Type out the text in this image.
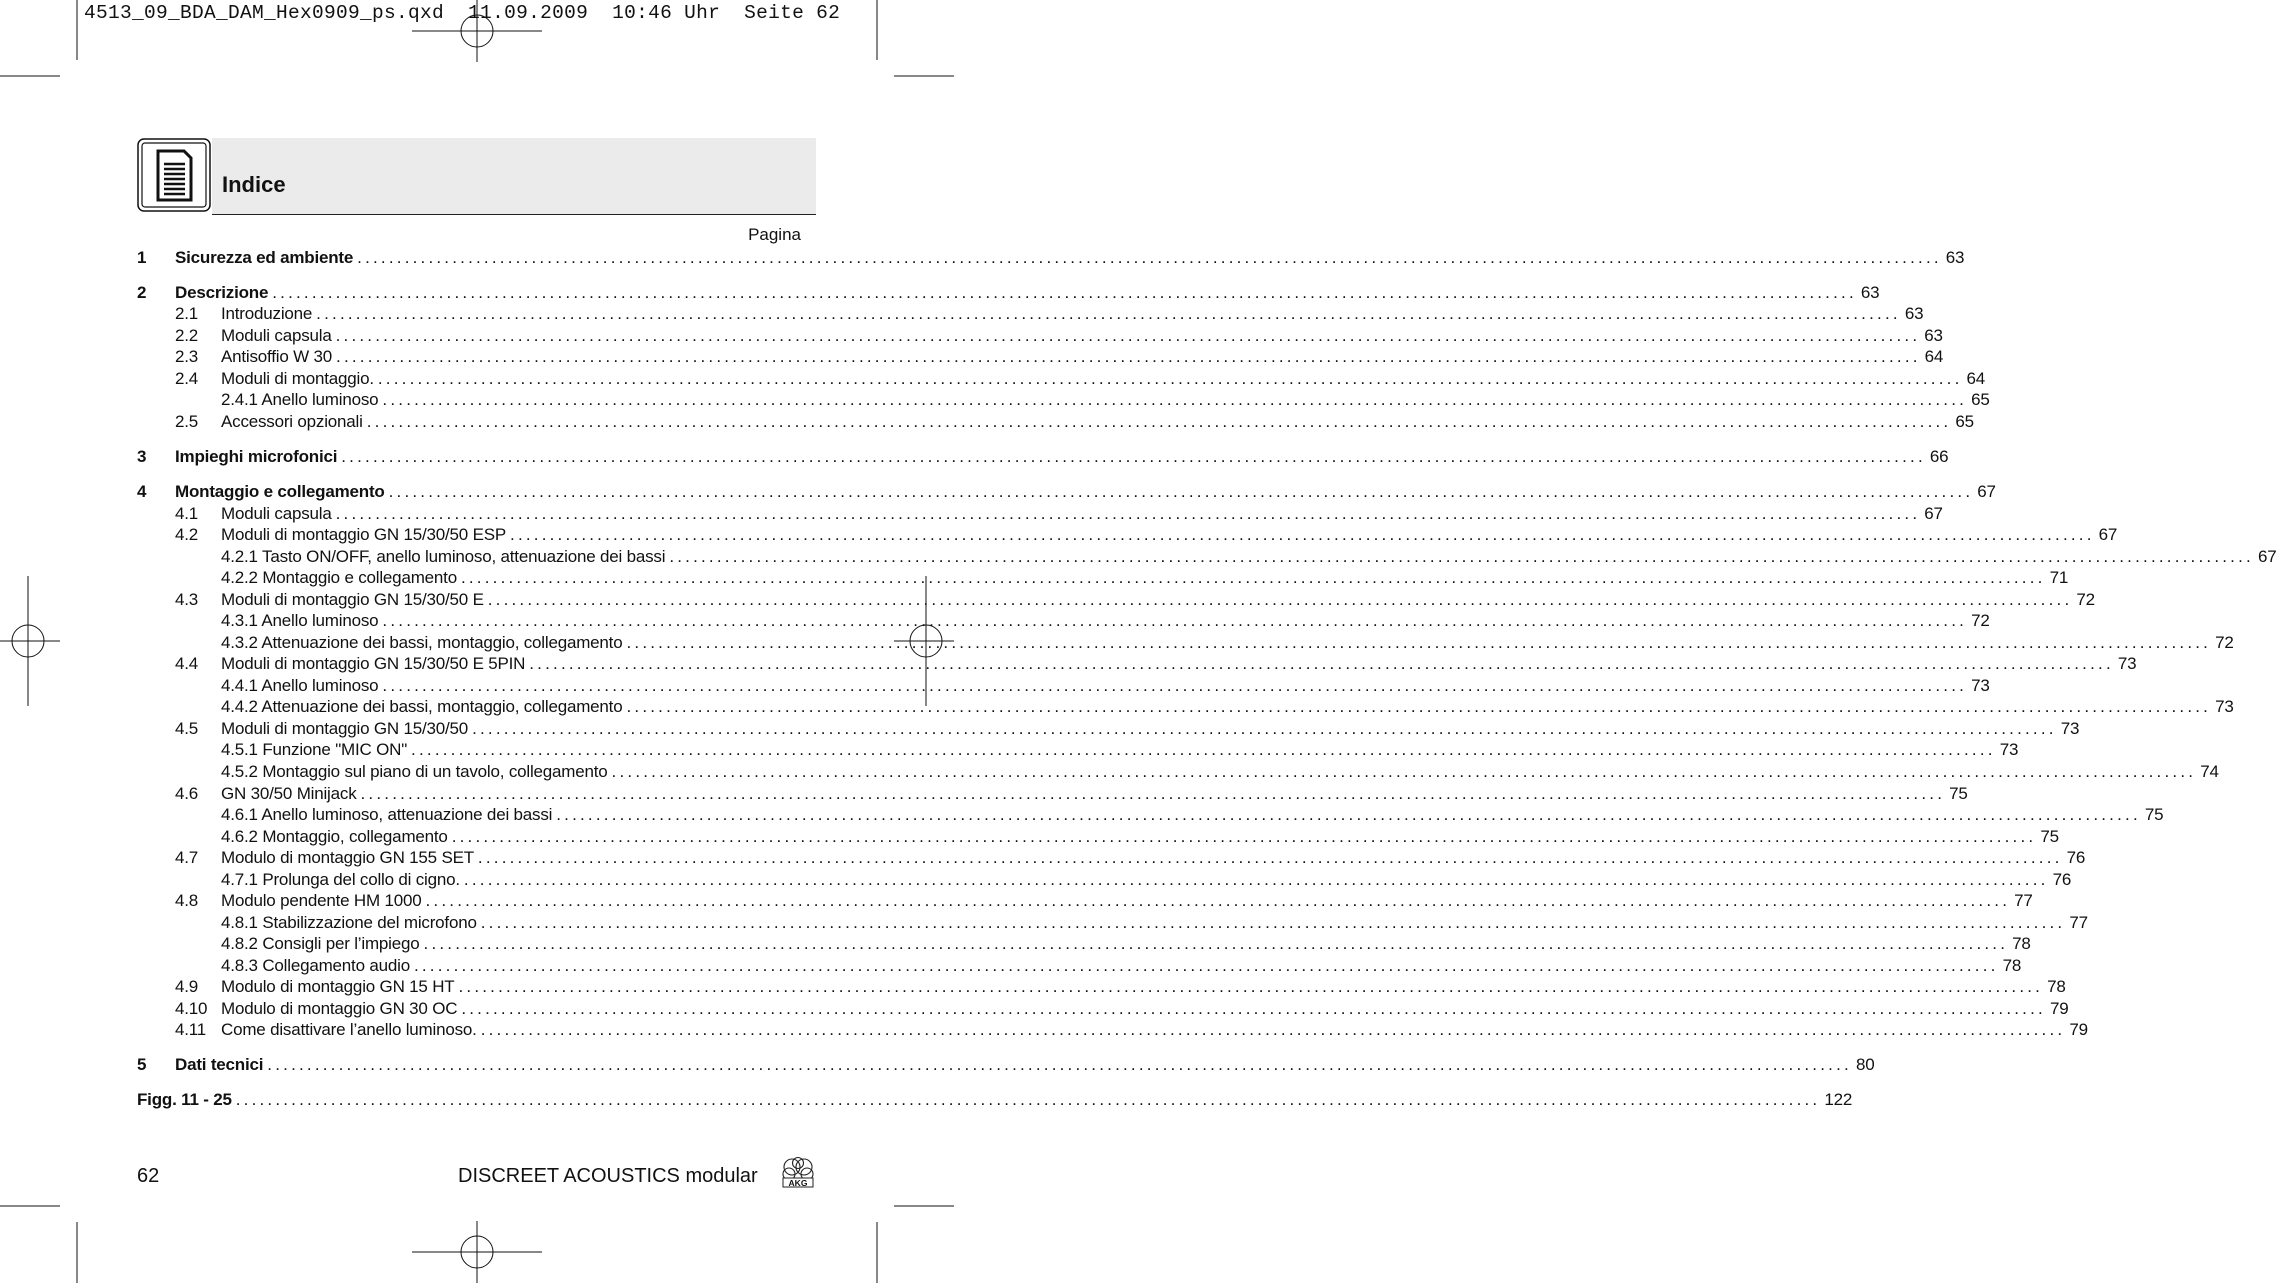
4513_09_BDA_DAM_Hex0909_ps.qxd  11.09.2009  10:46 Uhr  Seite 62
Indice
Pagina
1	Sicurezza ed ambiente ........................................................................................................................................................................................................ 63
2	Descrizione ........................................................................................................................................................................................................ 63
2.1	Introduzione ........................................................................................................................................................................................................ 63
2.2	Moduli capsula ........................................................................................................................................................................................................ 63
2.3	Antisoffio W 30 ........................................................................................................................................................................................................ 64
2.4	Moduli di montaggio. ........................................................................................................................................................................................................ 64
2.4.1 Anello luminoso ........................................................................................................................................................................................................ 65
2.5	Accessori opzionali ........................................................................................................................................................................................................ 65
3	Impieghi microfonici ........................................................................................................................................................................................................ 66
4	Montaggio e collegamento ........................................................................................................................................................................................................ 67
4.1	Moduli capsula ........................................................................................................................................................................................................ 67
4.2	Moduli di montaggio GN 15/30/50 ESP ........................................................................................................................................................................................................ 67
4.2.1 Tasto ON/OFF, anello luminoso, attenuazione dei bassi ........................................................................................................................................................................................................ 67
4.2.2 Montaggio e collegamento ........................................................................................................................................................................................................ 71
4.3	Moduli di montaggio GN 15/30/50 E ........................................................................................................................................................................................................ 72
4.3.1 Anello luminoso ........................................................................................................................................................................................................ 72
4.3.2 Attenuazione dei bassi, montaggio, collegamento ........................................................................................................................................................................................................ 72
4.4	Moduli di montaggio GN 15/30/50 E 5PIN ........................................................................................................................................................................................................ 73
4.4.1 Anello luminoso ........................................................................................................................................................................................................ 73
4.4.2 Attenuazione dei bassi, montaggio, collegamento ........................................................................................................................................................................................................ 73
4.5	Moduli di montaggio GN 15/30/50 ........................................................................................................................................................................................................ 73
4.5.1 Funzione "MIC ON" ........................................................................................................................................................................................................ 73
4.5.2 Montaggio sul piano di un tavolo, collegamento ........................................................................................................................................................................................................ 74
4.6	GN 30/50 Minijack ........................................................................................................................................................................................................ 75
4.6.1 Anello luminoso, attenuazione dei bassi ........................................................................................................................................................................................................ 75
4.6.2 Montaggio, collegamento ........................................................................................................................................................................................................ 75
4.7	Modulo di montaggio GN 155 SET ........................................................................................................................................................................................................ 76
4.7.1 Prolunga del collo di cigno. ........................................................................................................................................................................................................ 76
4.8	Modulo pendente HM 1000 ........................................................................................................................................................................................................ 77
4.8.1 Stabilizzazione del microfono ........................................................................................................................................................................................................ 77
4.8.2 Consigli per l’impiego ........................................................................................................................................................................................................ 78
4.8.3 Collegamento audio ........................................................................................................................................................................................................ 78
4.9	Modulo di montaggio GN 15 HT ........................................................................................................................................................................................................ 78
4.10 Modulo di montaggio GN 30 OC ........................................................................................................................................................................................................ 79
4.11 Come disattivare l’anello luminoso. ........................................................................................................................................................................................................ 79
5	Dati tecnici ........................................................................................................................................................................................................ 80
Figg. 11 - 25 ........................................................................................................................................................................................................ 122
62	DISCREET ACOUSTICS modular	AKG
